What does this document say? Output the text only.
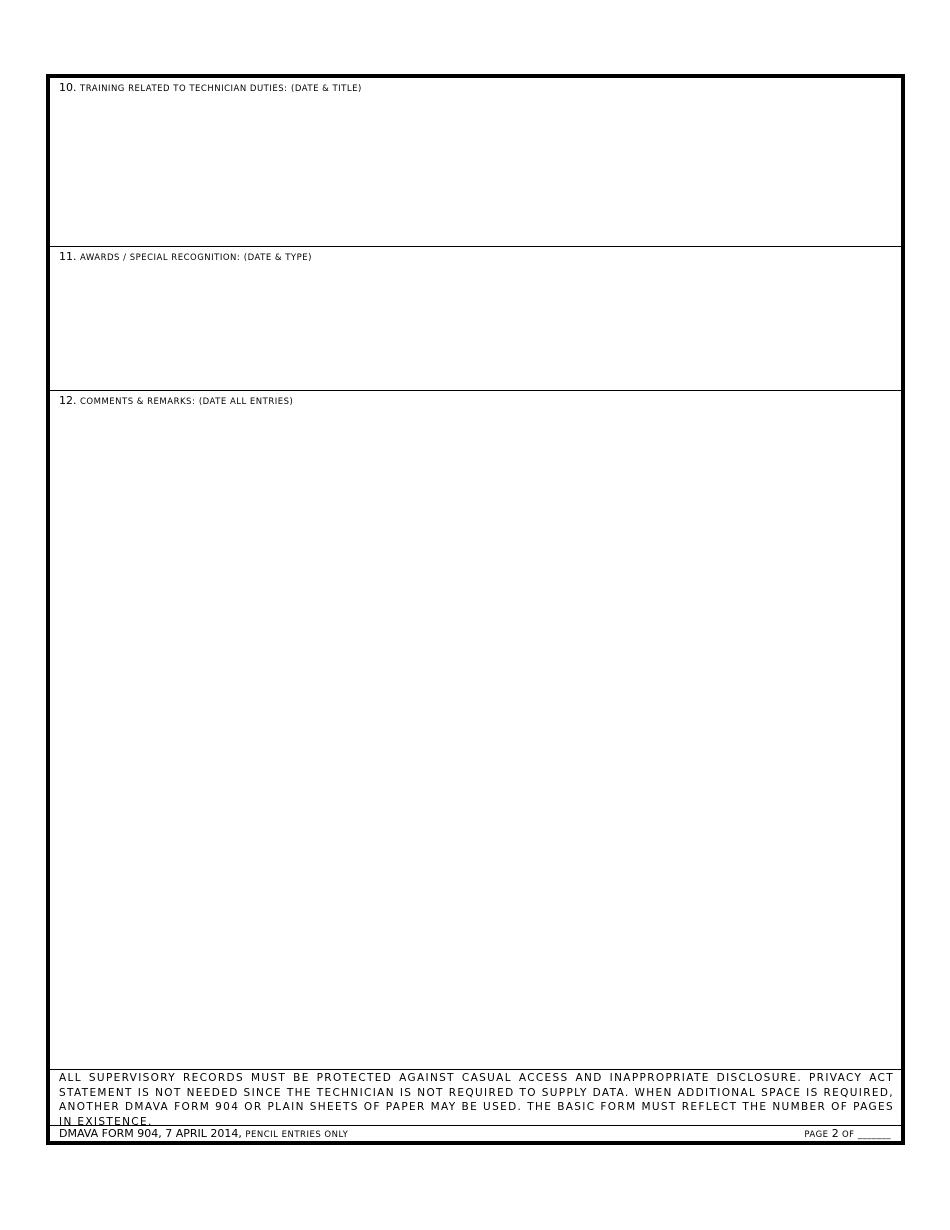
10. TRAINING RELATED TO TECHNICIAN DUTIES: (DATE & TITLE)
11. AWARDS / SPECIAL RECOGNITION: (DATE & TYPE)
12. COMMENTS & REMARKS: (DATE ALL ENTRIES)
ALL SUPERVISORY RECORDS MUST BE PROTECTED AGAINST CASUAL ACCESS AND INAPPROPRIATE DISCLOSURE. PRIVACY ACT STATEMENT IS NOT NEEDED SINCE THE TECHNICIAN IS NOT REQUIRED TO SUPPLY DATA. WHEN ADDITIONAL SPACE IS REQUIRED, ANOTHER DMAVA FORM 904 OR PLAIN SHEETS OF PAPER MAY BE USED. THE BASIC FORM MUST REFLECT THE NUMBER OF PAGES IN EXISTENCE.
DMAVA FORM 904, 7 APRIL 2014, PENCIL ENTRIES ONLY	PAGE 2 OF _______
